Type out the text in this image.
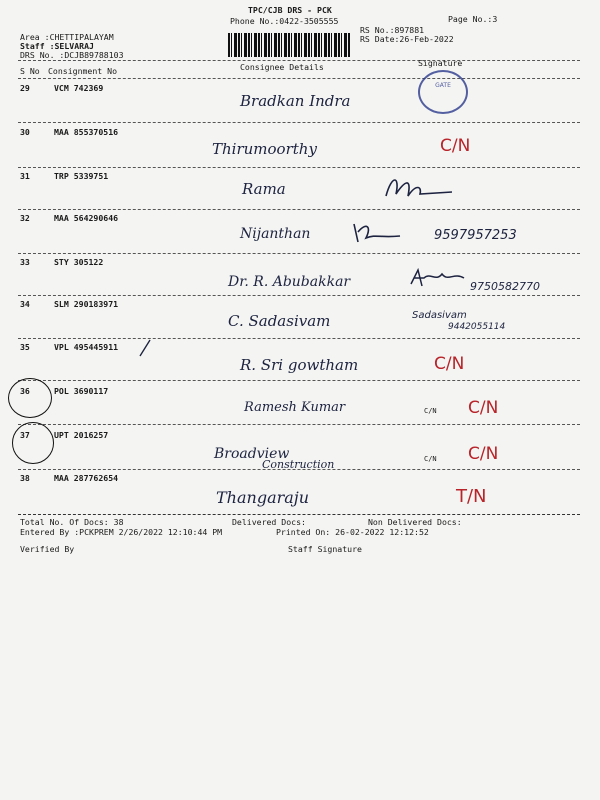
TPC/CJB DRS - PCK
Phone No.:0422-3505555	Page No.:3
RS No.:897881
RS Date:26-Feb-2022
Area :CHETTIPALAYAM
Staff :SELVARAJ
DRS No. :DCJB89788103
S No Consignment No	Consignee Details	Signature
GATE
29	VCM 742369
Bradkan Indra
30	MAA 855370516
Thirumoorthy	C/N
31	TRP 5339751
Rama
32	MAA 564290646
Nijanthan	9597957253
33	STY 305122
Dr. R. Abubakkar	9750582770
34	SLM 290183971
C. Sadasivam	Sadasivam
9442055114
35	VPL 495445911
R. Sri gowtham	C/N
36	POL 3690117
Ramesh Kumar	C/N C/N
37	UPT 2016257
Broadview
Construction	C/N C/N
38	MAA 287762654
Thangaraju	T/N
Total No. Of Docs: 38	Delivered Docs:	Non Delivered Docs:
Entered By :PCKPREM 2/26/2022 12:10:44 PM	Printed On: 26-02-2022 12:12:52
Verified By	Staff Signature
